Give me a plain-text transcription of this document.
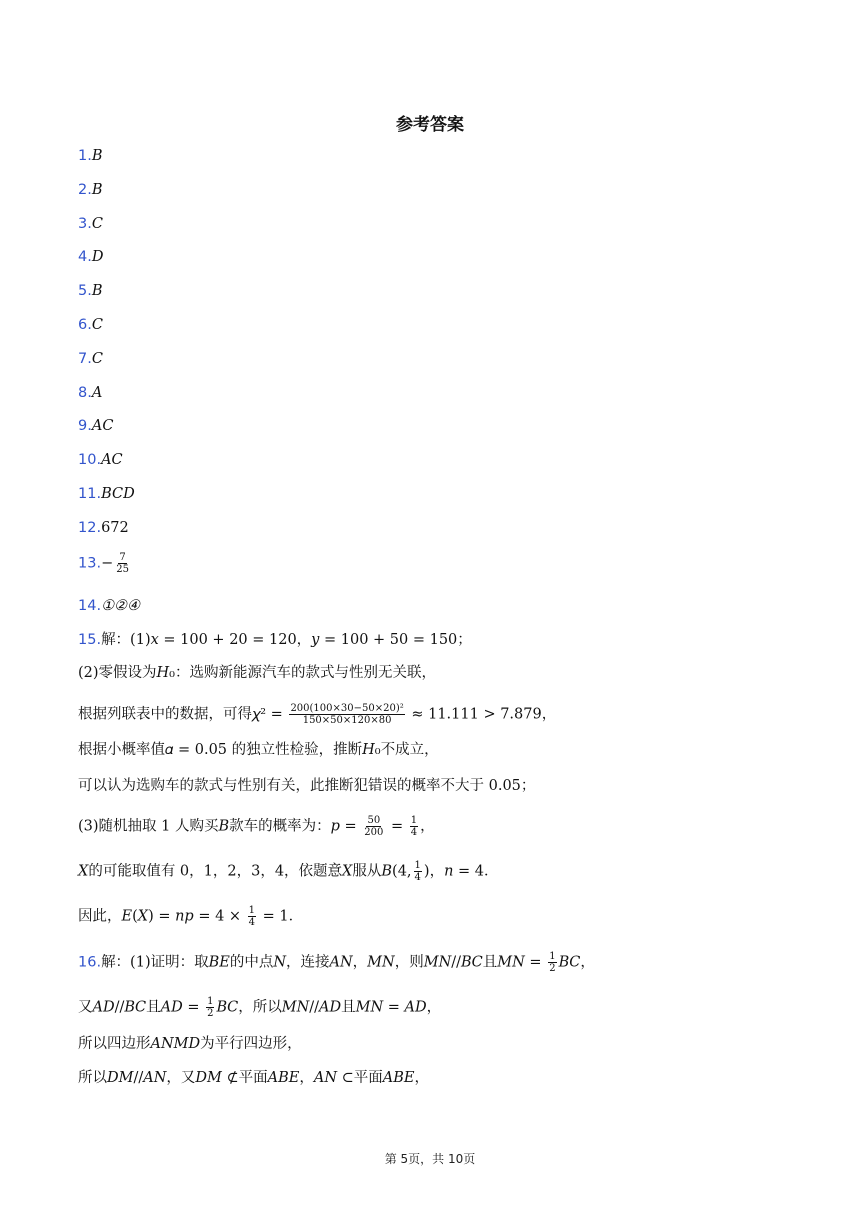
参考答案
1.B
2.B
3.C
4.D
5.B
6.C
7.C
8.A
9.AC
10.AC
11.BCD
12.672
$13.- \frac{7}{25}$
14.①②④
15.解：(1)𝑥 = 100 + 20 = 120，𝑦 = 100 + 50 = 150；
(2)零假设为𝐻₀：选购新能源汽车的款式与性别无关联，
根据列联表中的数据，可得𝜒² = $\frac{\text{200(100×30−50×20)²}}{150\times 50\times 120\times 80} \approx 11.111 > 7.879$，
根据小概率值𝛼 = 0.05 的独立性检验，推断𝐻₀不成立，
可以认为选购车的款式与性别有关，此推断犯错误的概率不大于 0.05；
(3)随机抽取 1 人购买𝐵款车的概率为：𝑝 = $\frac{50}{200} = \frac{1}{4}$ ，
𝑋的可能取值有 0，1，2，3，4，依题意𝑋服从𝐵(4, $\frac{1}{4}$ )，𝑛 = 4．
因此，𝐸(𝑋) = 𝑛𝑝 = $4 \times \frac{1}{4} = 1$．
16.解：(1)证明：取𝐵𝐸的中点𝑁，连接𝐴𝑁，𝑀𝑁，则𝑀𝑁//𝐵𝐶且𝑀𝑁 = $\frac{1}{2}$ 𝐵𝐶，
又𝐴𝐷//𝐵𝐶且𝐴𝐷 = $\frac{1}{2}$ 𝐵𝐶，所以𝑀𝑁//𝐴𝐷且𝑀𝑁 = 𝐴𝐷，
所以四边形𝐴𝑁𝑀𝐷为平行四边形，
所以𝐷𝑀//𝐴𝑁，又𝐷𝑀 ⊄平面𝐴𝐵𝐸，𝐴𝑁 ⊂平面𝐴𝐵𝐸，
第 5页，共 10页
